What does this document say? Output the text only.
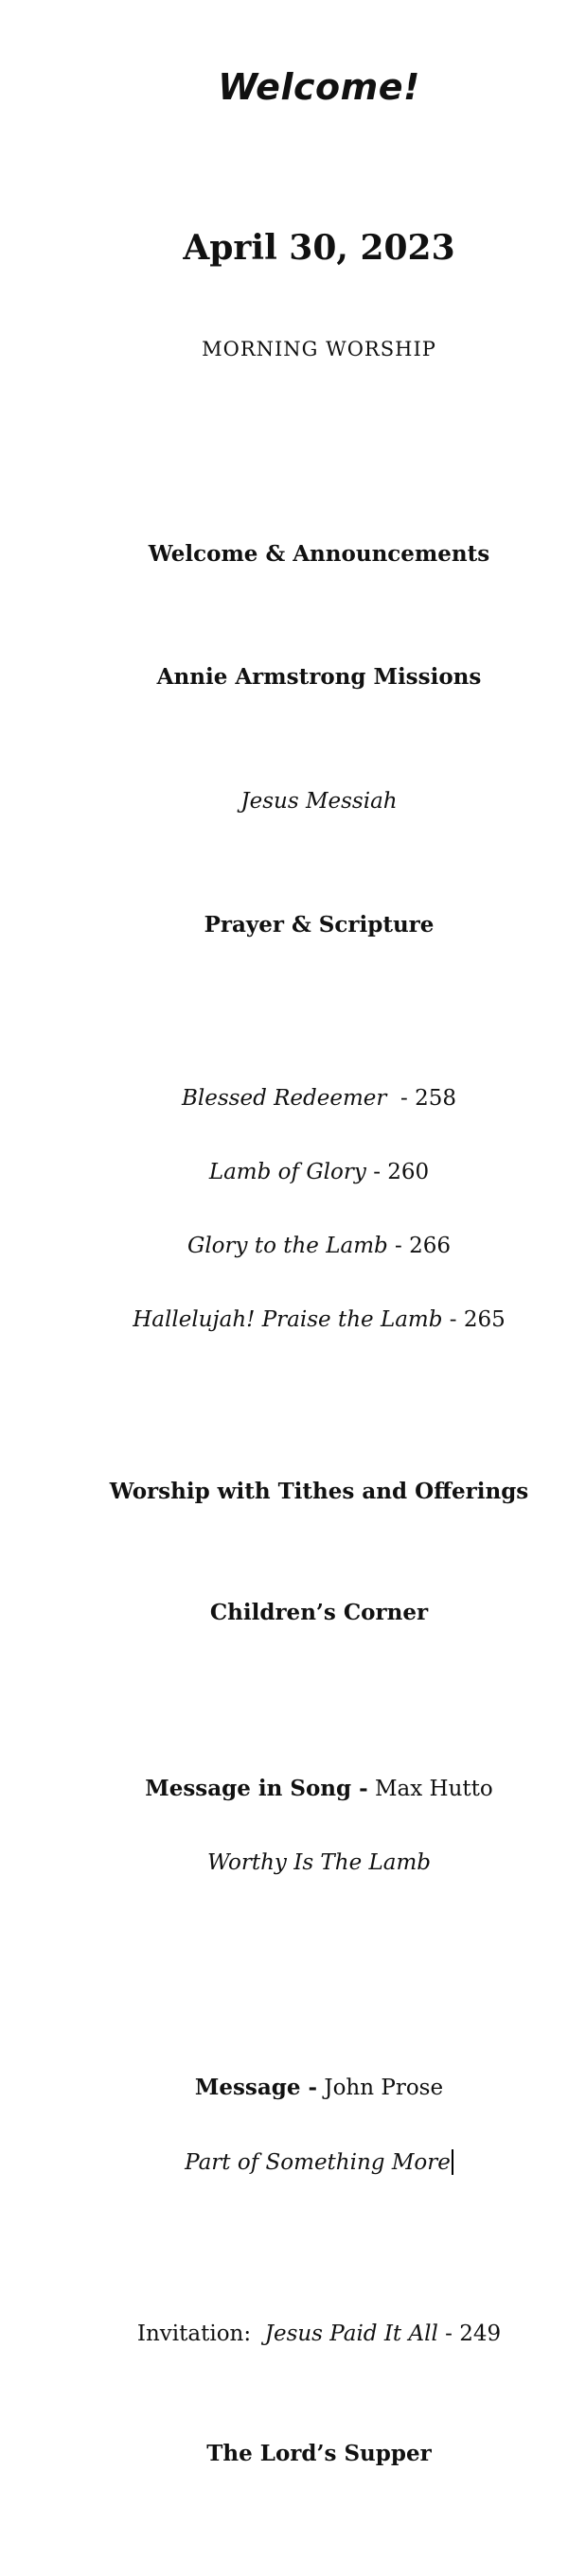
Welcome!

April 30, 2023

MORNING WORSHIP

Welcome & Announcements

Annie Armstrong Missions

Jesus Messiah

Prayer & Scripture

Blessed Redeemer  - 258

Lamb of Glory - 260

Glory to the Lamb - 266

Hallelujah! Praise the Lamb - 265

Worship with Tithes and Offerings

Children’s Corner

Message in Song - Max Hutto

Worthy Is The Lamb

Message - John Prose

Part of Something More

Invitation:  Jesus Paid It All - 249

The Lord’s Supper
